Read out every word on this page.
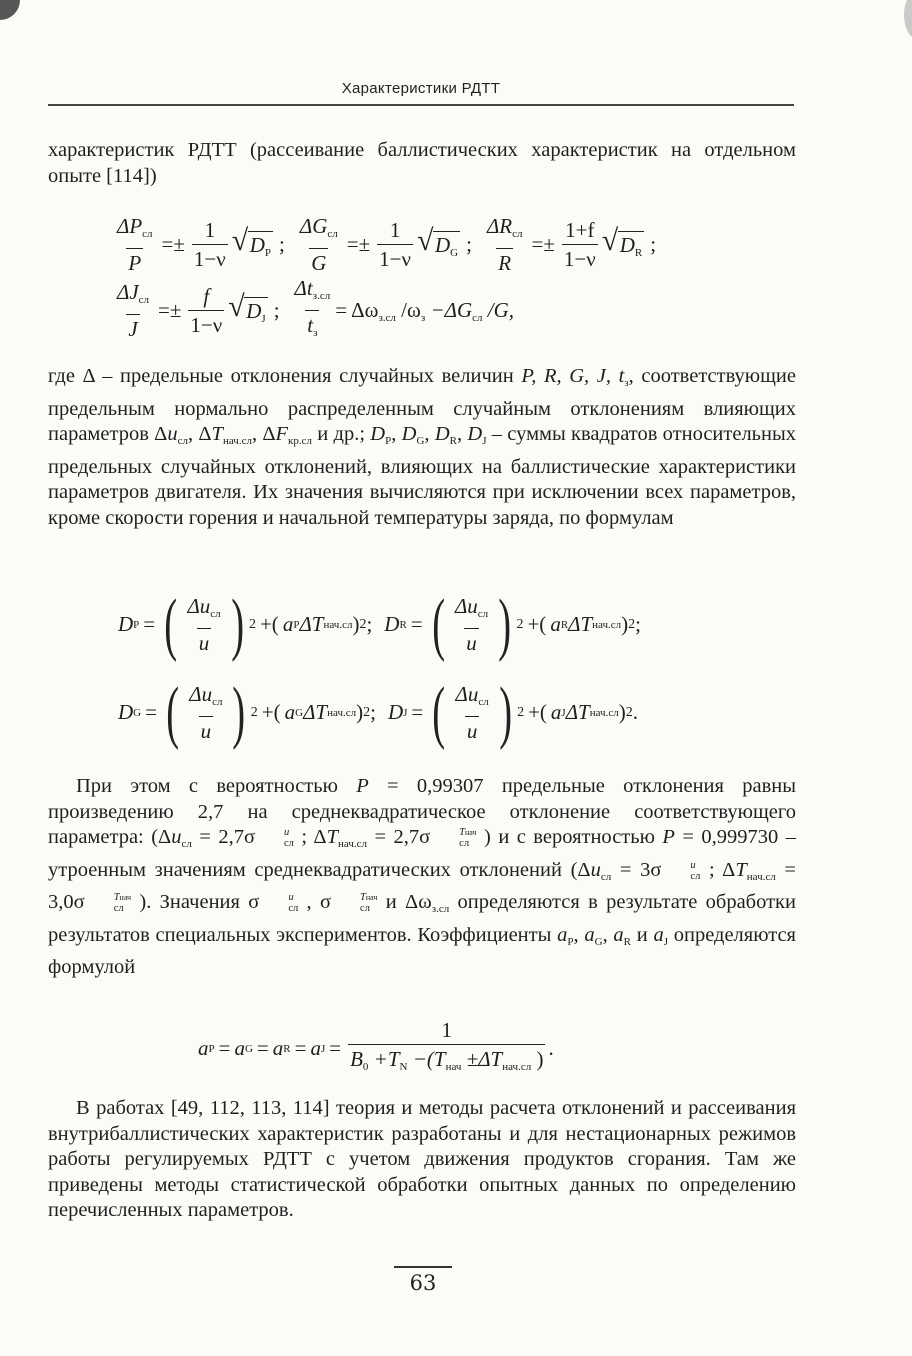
Характеристики РДТТ
характеристик РДТТ (рассеивание баллистических характеристик на отдельном опыте [114])
$\frac{\Delta P_{сл}}{P} =\pm \frac{1}{1-\nu}$ √ $D_P$ ; $\frac{\Delta G_{сл}}{G} =\pm \frac{1}{1-\nu}$ √ $D_G$ ; $\frac{\Delta R_{сл}}{R} =\pm \frac{1+f}{1-\nu}$ √ $D_R$ ;
$\frac{\Delta J_{сл}}{J} =\pm \frac{f}{1-\nu}$ √ $D_J$ ; $\frac{\Delta t_{з.сл}}{t_з} = \Delta\omega_{з.сл}$ $/\omega_з -\Delta G_{сл}$ /G,
где Δ – предельные отклонения случайных величин P, R, G, J, $t_з$, соответствующие предельным нормально распределенным случайным отклонениям влияющих параметров $\Delta u_{сл}$, $\Delta T_{нач.сл}$, $\Delta F_{кр.сл}$ и др.; $D_P$, $D_G$, $D_R$, $D_J$ – суммы квадратов относительных предельных случайных отклонений, влияющих на баллистические характеристики параметров двигателя. Их значения вычисляются при исключении всех параметров, кроме скорости горения и начальной температуры заряда, по формулам
D P = ( $\frac{\Delta u_{сл}}{u}$ ) 2 +( a P ΔT нач.сл ) 2 ; D R = ( $\frac{\Delta u_{сл}}{u}$ ) 2 +( a R ΔT нач.сл ) 2 ;
D G = ( $\frac{\Delta u_{сл}}{u}$ ) 2 +( a G ΔT нач.сл ) 2 ; D J = ( $\frac{\Delta u_{сл}}{u}$ ) 2 +( a J ΔT нач.сл ) 2 .
При этом с вероятностью P = 0,99307 предельные отклонения равны произведению 2,7 на среднеквадратическое отклонение соответствующего параметра: ($\Delta u_{сл} = 2,7\sigma$	u
сл ; $\Delta T_{нач.сл} = 2,7\sigma$	Tнач
сл ) и с вероятностью P = 0,999730 – утроенным значениям среднеквадратических отклонений ($\Delta u_{сл} = 3\sigma$	u
сл ; $\Delta T_{нач.сл} = 3,0\sigma$	Tнач
сл ). Значения σ	u
сл , σ	Tнач
сл и $\Delta\omega_{з.сл}$ определяются в результате обработки результатов специальных экспериментов. Коэффициенты $a_P$, $a_G$, $a_R$ и $a_J$ определяются формулой
a P = a G = a R = a $J = \frac{1}{B_0 +T_N -(T_{нач} \pm\Delta T_{нач.сл} )}$ .
В работах [49, 112, 113, 114] теория и методы расчета отклонений и рассеивания внутрибаллистических характеристик разработаны и для нестационарных режимов работы регулируемых РДТТ с учетом движения продуктов сгорания. Там же приведены методы статистической обработки опытных данных по определению перечисленных параметров.
63
